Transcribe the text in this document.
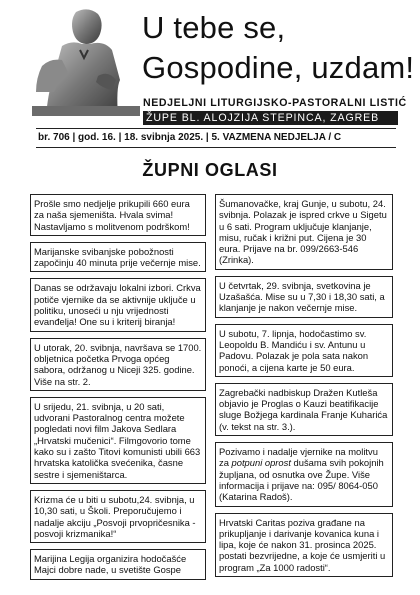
U tebe se,
Gospodine, uzdam!
NEDJELJNI LITURGIJSKO-PASTORALNI LISTIĆ
ŽUPE BL. ALOJZIJA STEPINCA, ZAGREB
br. 706 | god. 16. | 18. svibnja 2025. | 5. VAZMENA NEDJELJA / C
ŽUPNI OGLASI

Prošle smo nedjelje prikupili 660 eura za naša sjemeništa. Hvala svima! Nastavljamo s molitvenom podrškom!

Marijanske svibanjske pobožnosti započinju 40 minuta prije večernje mise.

Danas se održavaju lokalni izbori. Crkva potiče vjernike da se aktivnije uključe u politiku, unoseći u nju vrijednosti evanđelja! One su i kriterij biranja!

U utorak, 20. svibnja, navršava se 1700. obljetnica početka Prvoga općeg sabora, održanog u Niceji 325. godine. Više na str. 2.

U srijedu, 21. svibnja, u 20 sati, udvorani Pastoralnog centra možete pogledati novi film Jakova Sedlara „Hrvatski mučenici“. Filmgovorio tome kako su i zašto Titovi komunisti ubili 663 hrvatska katolička svećenika, časne sestre i sjemeništarca.

Krizma će u biti u subotu,24. svibnja, u 10,30 sati, u Školi. Preporučujemo i nadalje akciju „Posvoji prvopričesnika - posvoji krizmanika!“

Marijina Legija organizira hodočašće Majci dobre nade, u svetište Gospe

Šumanovačke, kraj Gunje, u subotu, 24. svibnja. Polazak je ispred crkve u Sigetu u 6 sati. Program uključuje klanjanje, misu, ručak i križni put. Cijena je 30 eura. Prijave na br. 099/2663-546 (Zrinka).

U četvrtak, 29. svibnja, svetkovina je Uzašašća. Mise su u 7,30 i 18,30 sati, a klanjanje je nakon večernje mise.

U subotu, 7. lipnja, hodočastimo sv. Leopoldu B. Mandiću i sv. Antunu u Padovu. Polazak je pola sata nakon ponoći, a cijena karte je 50 eura.

Zagrebački nadbiskup Dražen Kutleša objavio je Proglas o Kauzi beatifikacije sluge Božjega kardinala Franje Kuharića (v. tekst na str. 3.).

Pozivamo i nadalje vjernike na molitvu za potpuni oprost dušama svih pokojnih župljana, od osnutka ove Župe. Više informacija i prijave na: 095/ 8064-050 (Katarina Radoš).

Hrvatski Caritas poziva građane na prikupljanje i darivanje kovanica kuna i lipa, koje će nakon 31. prosinca 2025. postati bezvrijedne, a koje će usmjeriti u program „Za 1000 radosti“.
